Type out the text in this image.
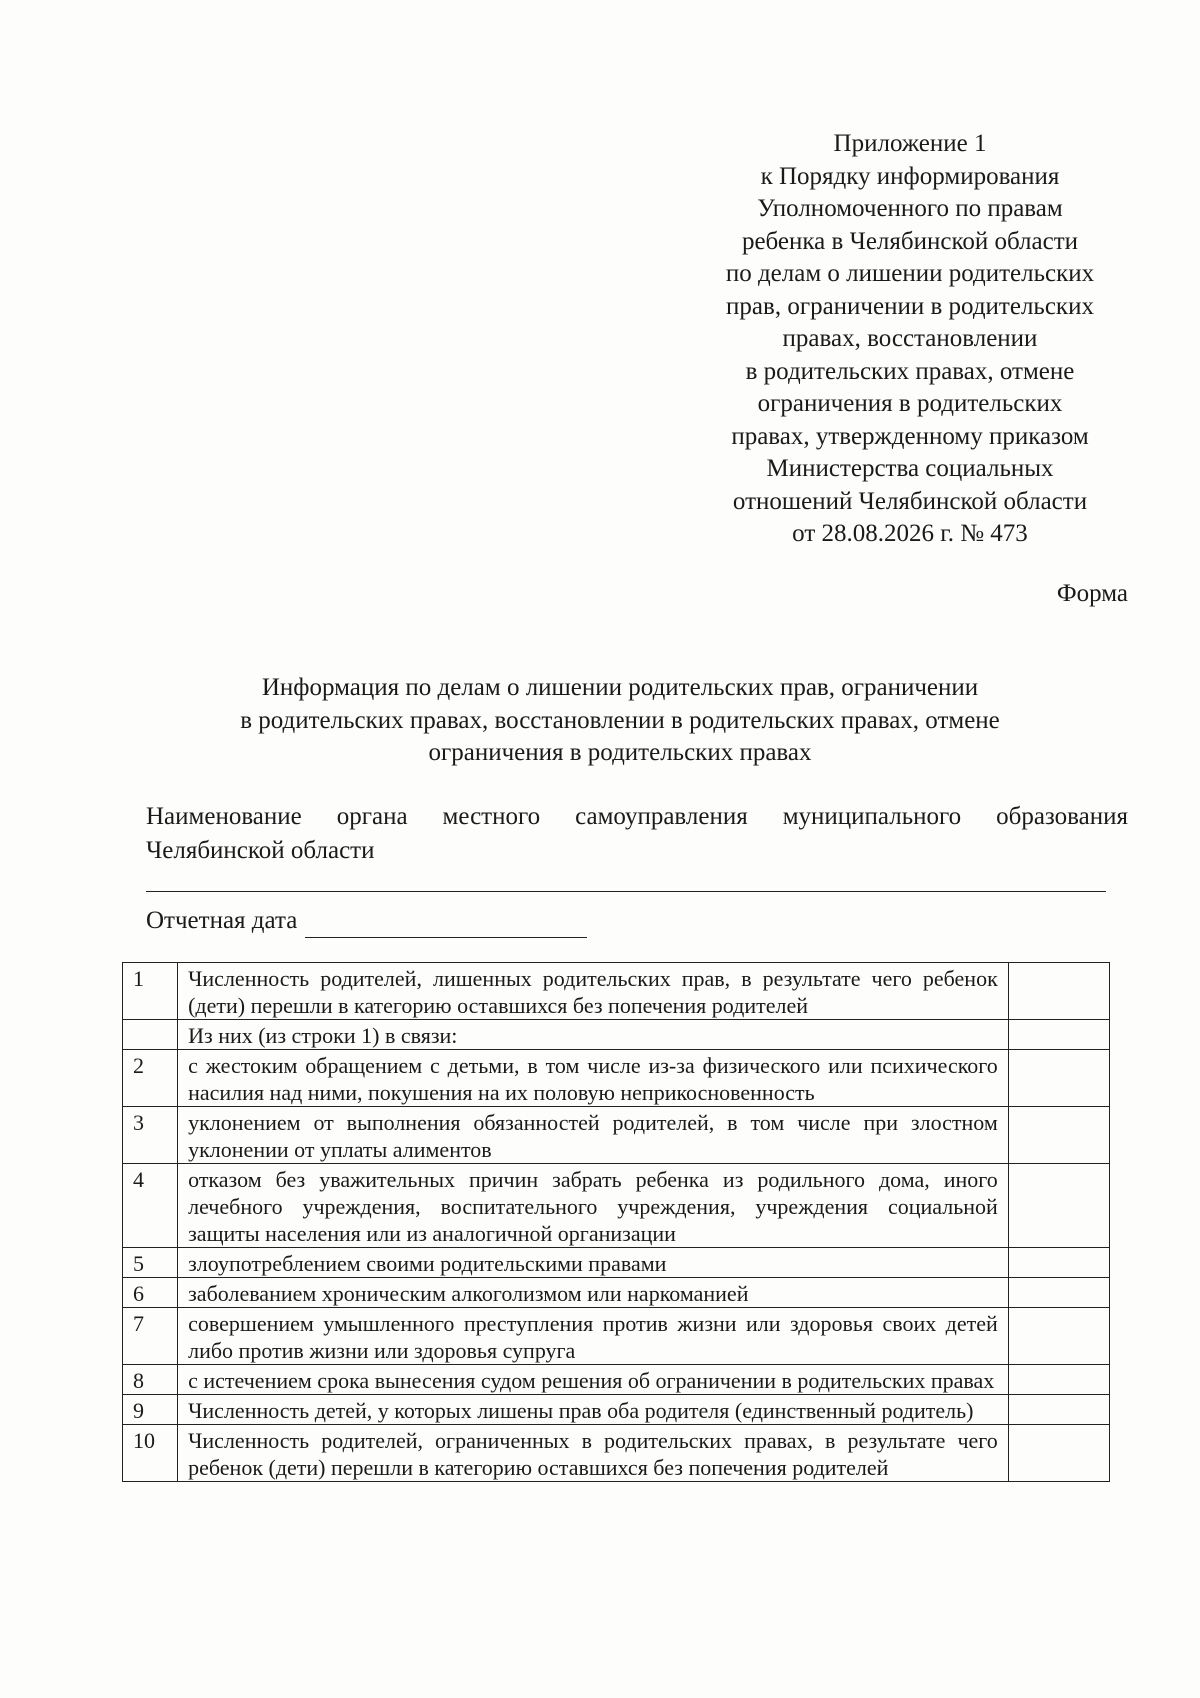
Приложение 1
к Порядку информирования
Уполномоченного по правам
ребенка в Челябинской области
по делам о лишении родительских
прав, ограничении в родительских
правах, восстановлении
в родительских правах, отмене
ограничения в родительских
правах, утвержденному приказом
Министерства социальных
отношений Челябинской области
от 28.08.2026 г. № 473
Форма
Информация по делам о лишении родительских прав, ограничении
в родительских правах, восстановлении в родительских правах, отмене
ограничения в родительских правах
Наименование органа местного самоуправления муниципального образования
Челябинской области
Отчетная дата
1	Численность родителей, лишенных родительских прав, в результате чего ребенок (дети) перешли в категорию оставшихся без попечения родителей	
	Из них (из строки 1) в связи:	
2	с жестоким обращением с детьми, в том числе из-за физического или психического насилия над ними, покушения на их половую неприкосновенность	
3	уклонением от выполнения обязанностей родителей, в том числе при злостном уклонении от уплаты алиментов	
4	отказом без уважительных причин забрать ребенка из родильного дома, иного лечебного учреждения, воспитательного учреждения, учреждения социальной защиты населения или из аналогичной организации	
5	злоупотреблением своими родительскими правами	
6	заболеванием хроническим алкоголизмом или наркоманией	
7	совершением умышленного преступления против жизни или здоровья своих детей либо против жизни или здоровья супруга	
8	с истечением срока вынесения судом решения об ограничении в родительских правах	
9	Численность детей, у которых лишены прав оба родителя (единственный родитель)	
10	Численность родителей, ограниченных в родительских правах, в результате чего ребенок (дети) перешли в категорию оставшихся без попечения родителей	
